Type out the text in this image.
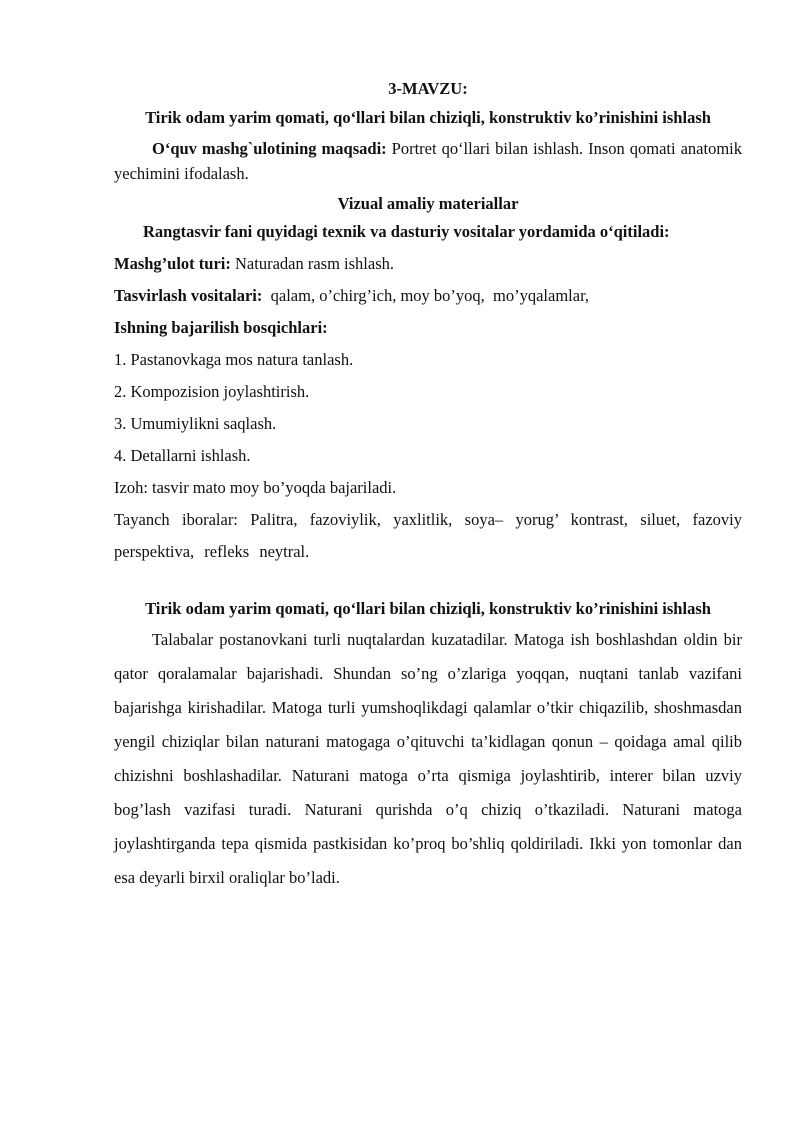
3-MAVZU:

Tirik odam yarim qomati, qo‘llari bilan chiziqli, konstruktiv ko’rinishini ishlash

O‘quv mashg`ulotining maqsadi: Portret qo‘llari bilan ishlash. Inson qomati anatomik yechimini ifodalash.

Vizual amaliy materiallar

Rangtasvir fani quyidagi texnik va dasturiy vositalar yordamida o‘qitiladi:

Mashg’ulot turi: Naturadan rasm ishlash.

Tasvirlash vositalari:  qalam, o’chirg’ich, moy bo’yoq,  mo’yqalamlar,

Ishning bajarilish bosqichlari:

1. Pastanovkaga mos natura tanlash.

2. Kompozision joylashtirish.

3. Umumiylikni saqlash.

4. Detallarni ishlash.

Izoh: tasvir mato moy bo’yoqda bajariladi.

Tayanch iboralar: Palitra, fazoviylik, yaxlitlik, soya– yorug’ kontrast, siluet, fazoviy perspektiva, refleks neytral.

Tirik odam yarim qomati, qo‘llari bilan chiziqli, konstruktiv ko’rinishini ishlash

Talabalar postanovkani turli nuqtalardan kuzatadilar. Matoga ish boshlashdan oldin bir qator qoralamalar bajarishadi. Shundan so’ng o’zlariga yoqqan, nuqtani tanlab vazifani bajarishga kirishadilar. Matoga turli yumshoqlikdagi qalamlar o’tkir chiqazilib, shoshmasdan yengil chiziqlar bilan naturani matogaga o’qituvchi ta’kidlagan qonun – qoidaga amal qilib chizishni boshlashadilar. Naturani matoga o’rta qismiga joylashtirib, interer bilan uzviy bog’lash vazifasi turadi. Naturani qurishda o’q chiziq o’tkaziladi. Naturani matoga joylashtirganda tepa qismida pastkisidan ko’proq bo’shliq qoldiriladi. Ikki yon tomonlar dan esa deyarli birxil oraliqlar bo’ladi.
